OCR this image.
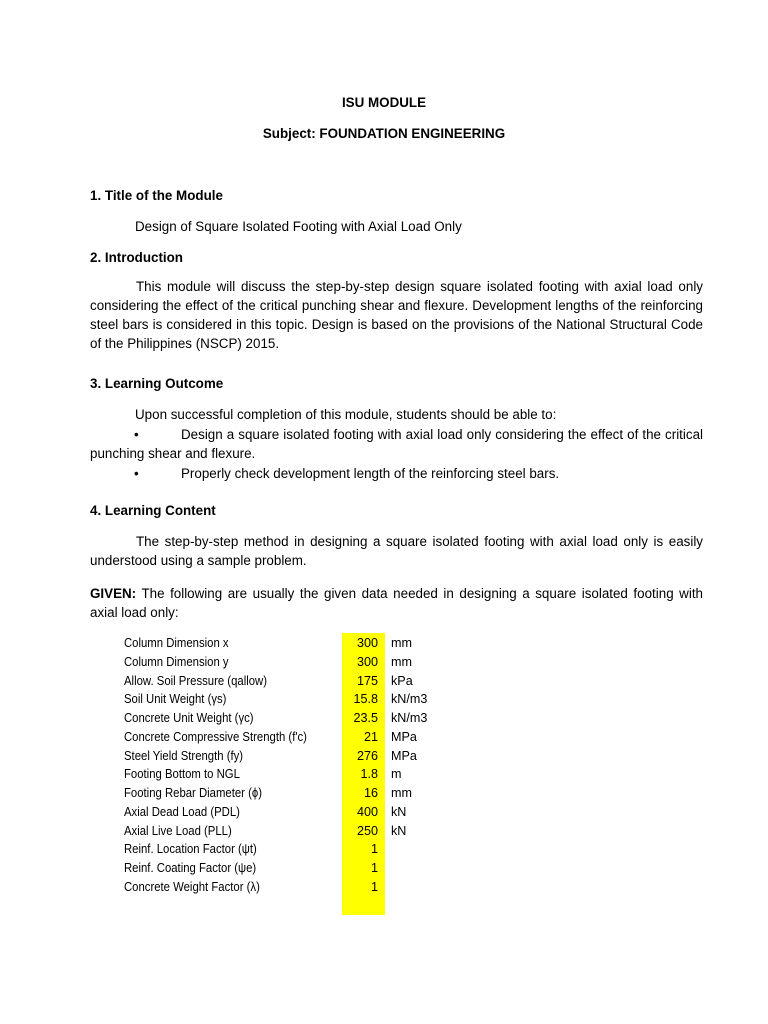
ISU MODULE
Subject: FOUNDATION ENGINEERING
1. Title of the Module
Design of Square Isolated Footing with Axial Load Only
2. Introduction
This module will discuss the step-by-step design square isolated footing with axial load only considering the effect of the critical punching shear and flexure. Development lengths of the reinforcing steel bars is considered in this topic. Design is based on the provisions of the National Structural Code of the Philippines (NSCP) 2015.
3. Learning Outcome
Upon successful completion of this module, students should be able to:
•	Design a square isolated footing with axial load only considering the effect of the critical punching shear and flexure.
•	Properly check development length of the reinforcing steel bars.
4. Learning Content
The step-by-step method in designing a square isolated footing with axial load only is easily understood using a sample problem.
GIVEN: The following are usually the given data needed in designing a square isolated footing with axial load only:
Column Dimension x	300 mm
Column Dimension y	300 mm
Allow. Soil Pressure (qallow)	175 kPa
Soil Unit Weight (γs)	15.8 kN/m3
Concrete Unit Weight (γc)	23.5 kN/m3
Concrete Compressive Strength (f'c)	21 MPa
Steel Yield Strength (fy)	276 MPa
Footing Bottom to NGL	1.8 m
Footing Rebar Diameter (ϕ)	16 mm
Axial Dead Load (PDL)	400 kN
Axial Live Load (PLL)	250 kN
Reinf. Location Factor (ψt)	1
Reinf. Coating Factor (ψe)	1
Concrete Weight Factor (λ)	1
